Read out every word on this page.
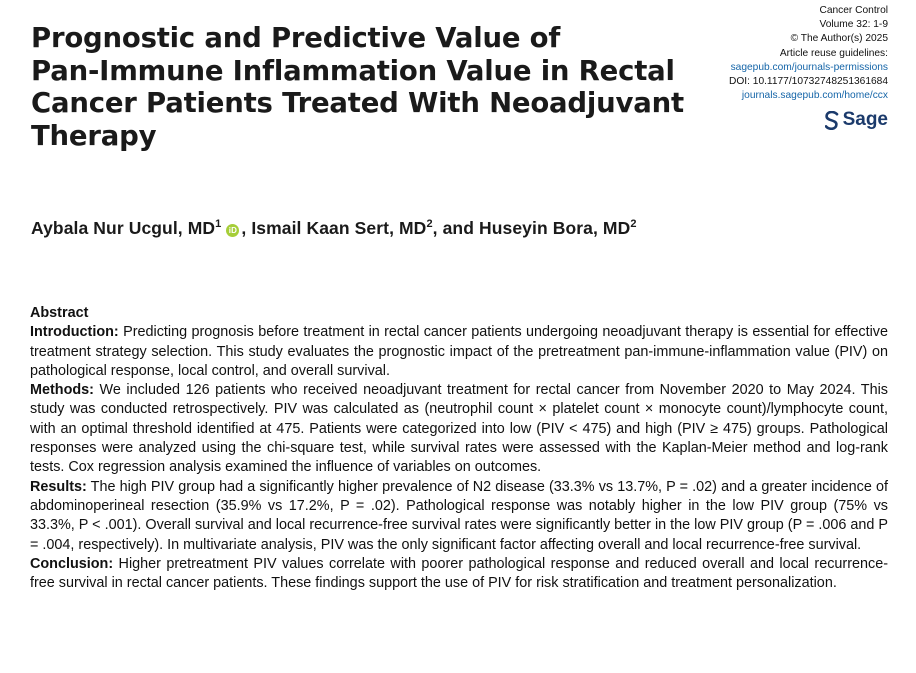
Prognostic and Predictive Value of
Pan-Immune Inflammation Value in Rectal
Cancer Patients Treated With Neoadjuvant
Therapy
Cancer Control
Volume 32: 1-9
© The Author(s) 2025
Article reuse guidelines:
sagepub.com/journals-permissions
DOI: 10.1177/10732748251361684
journals.sagepub.com/home/ccx
Sage
Aybala Nur Ucgul, $MD^1iD$ , Ismail Kaan Sert, $MD^2$, and Huseyin Bora, $MD^2$
Abstract

Introduction: Predicting prognosis before treatment in rectal cancer patients undergoing neoadjuvant therapy is essential for effective treatment strategy selection. This study evaluates the prognostic impact of the pretreatment pan-immune-inflammation value (PIV) on pathological response, local control, and overall survival.

Methods: We included 126 patients who received neoadjuvant treatment for rectal cancer from November 2020 to May 2024. This study was conducted retrospectively. PIV was calculated as (neutrophil count × platelet count × monocyte count)/lymphocyte count, with an optimal threshold identified at 475. Patients were categorized into low (PIV < 475) and high (PIV ≥ 475) groups. Pathological responses were analyzed using the chi-square test, while survival rates were assessed with the Kaplan-Meier method and log-rank tests. Cox regression analysis examined the influence of variables on outcomes.

Results: The high PIV group had a significantly higher prevalence of N2 disease (33.3% vs 13.7%, P = .02) and a greater incidence of abdominoperineal resection (35.9% vs 17.2%, P = .02). Pathological response was notably higher in the low PIV group (75% vs 33.3%, P < .001). Overall survival and local recurrence-free survival rates were significantly better in the low PIV group (P = .006 and P = .004, respectively). In multivariate analysis, PIV was the only significant factor affecting overall and local recurrence-free survival.

Conclusion: Higher pretreatment PIV values correlate with poorer pathological response and reduced overall and local recurrence-free survival in rectal cancer patients. These findings support the use of PIV for risk stratification and treatment personalization.
